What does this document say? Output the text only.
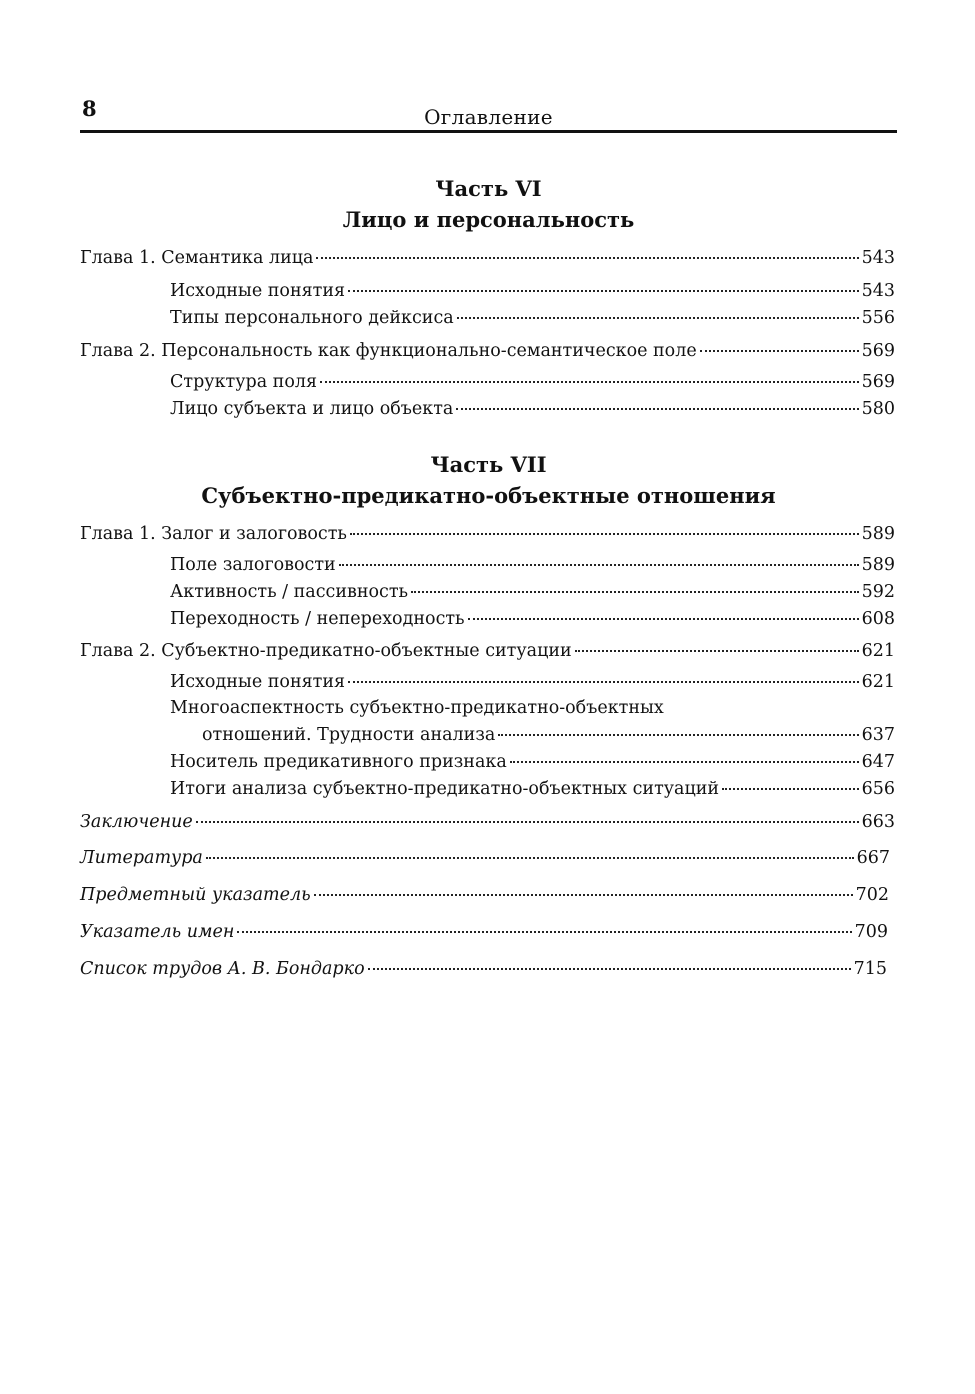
8	Оглавление
Часть VI
Лицо и персональность
Глава 1. Семантика лица	543
Исходные понятия	543
Типы персонального дейксиса	556
Глава 2. Персональность как функционально-семантическое поле	569
Структура поля	569
Лицо субъекта и лицо объекта	580
Часть VII
Субъектно-предикатно-объектные отношения
Глава 1. Залог и залоговость	589
Поле залоговости	589
Активность / пассивность	592
Переходность / непереходность	608
Глава 2. Субъектно-предикатно-объектные ситуации	621
Исходные понятия	621
Многоаспектность субъектно-предикатно-объектных
отношений. Трудности анализа	637
Носитель предикативного признака	647
Итоги анализа субъектно-предикатно-объектных ситуаций	656
Заключение	663
Литература	667
Предметный указатель	702
Указатель имен	709
Список трудов А. В. Бондарко	715
